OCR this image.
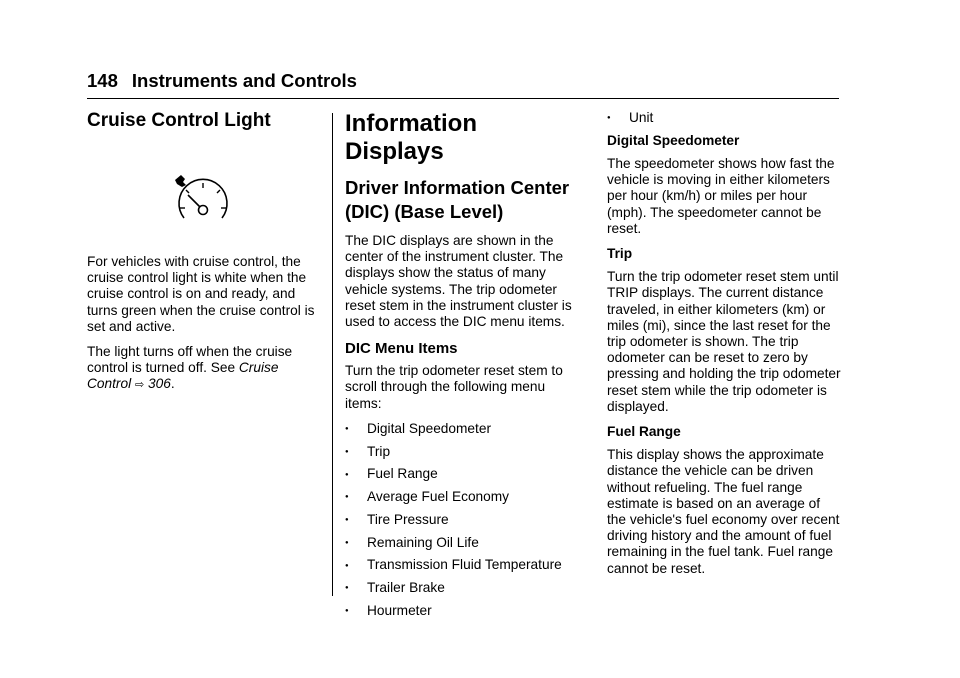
148 Instruments and Controls
Cruise Control Light

For vehicles with cruise control, the cruise control light is white when the cruise control is on and ready, and turns green when the cruise control is set and active.

The light turns off when the cruise control is turned off. See Cruise Control ⇨ 306.

Information Displays
Driver Information Center
(DIC) (Base Level)

The DIC displays are shown in the center of the instrument cluster. The displays show the status of many vehicle systems. The trip odometer reset stem in the instrument cluster is used to access the DIC menu items.

DIC Menu Items

Turn the trip odometer reset stem to scroll through the following menu items:

● Digital Speedometer
● Trip
● Fuel Range
● Average Fuel Economy
● Tire Pressure
● Remaining Oil Life
● Transmission Fluid Temperature
● Trailer Brake
● Hourmeter
● Unit
Digital Speedometer

The speedometer shows how fast the vehicle is moving in either kilometers per hour (km/h) or miles per hour (mph). The speedometer cannot be reset.

Trip

Turn the trip odometer reset stem until TRIP displays. The current distance traveled, in either kilometers (km) or miles (mi), since the last reset for the trip odometer is shown. The trip odometer can be reset to zero by pressing and holding the trip odometer reset stem while the trip odometer is displayed.

Fuel Range

This display shows the approximate distance the vehicle can be driven without refueling. The fuel range estimate is based on an average of the vehicle's fuel economy over recent driving history and the amount of fuel remaining in the fuel tank. Fuel range cannot be reset.
